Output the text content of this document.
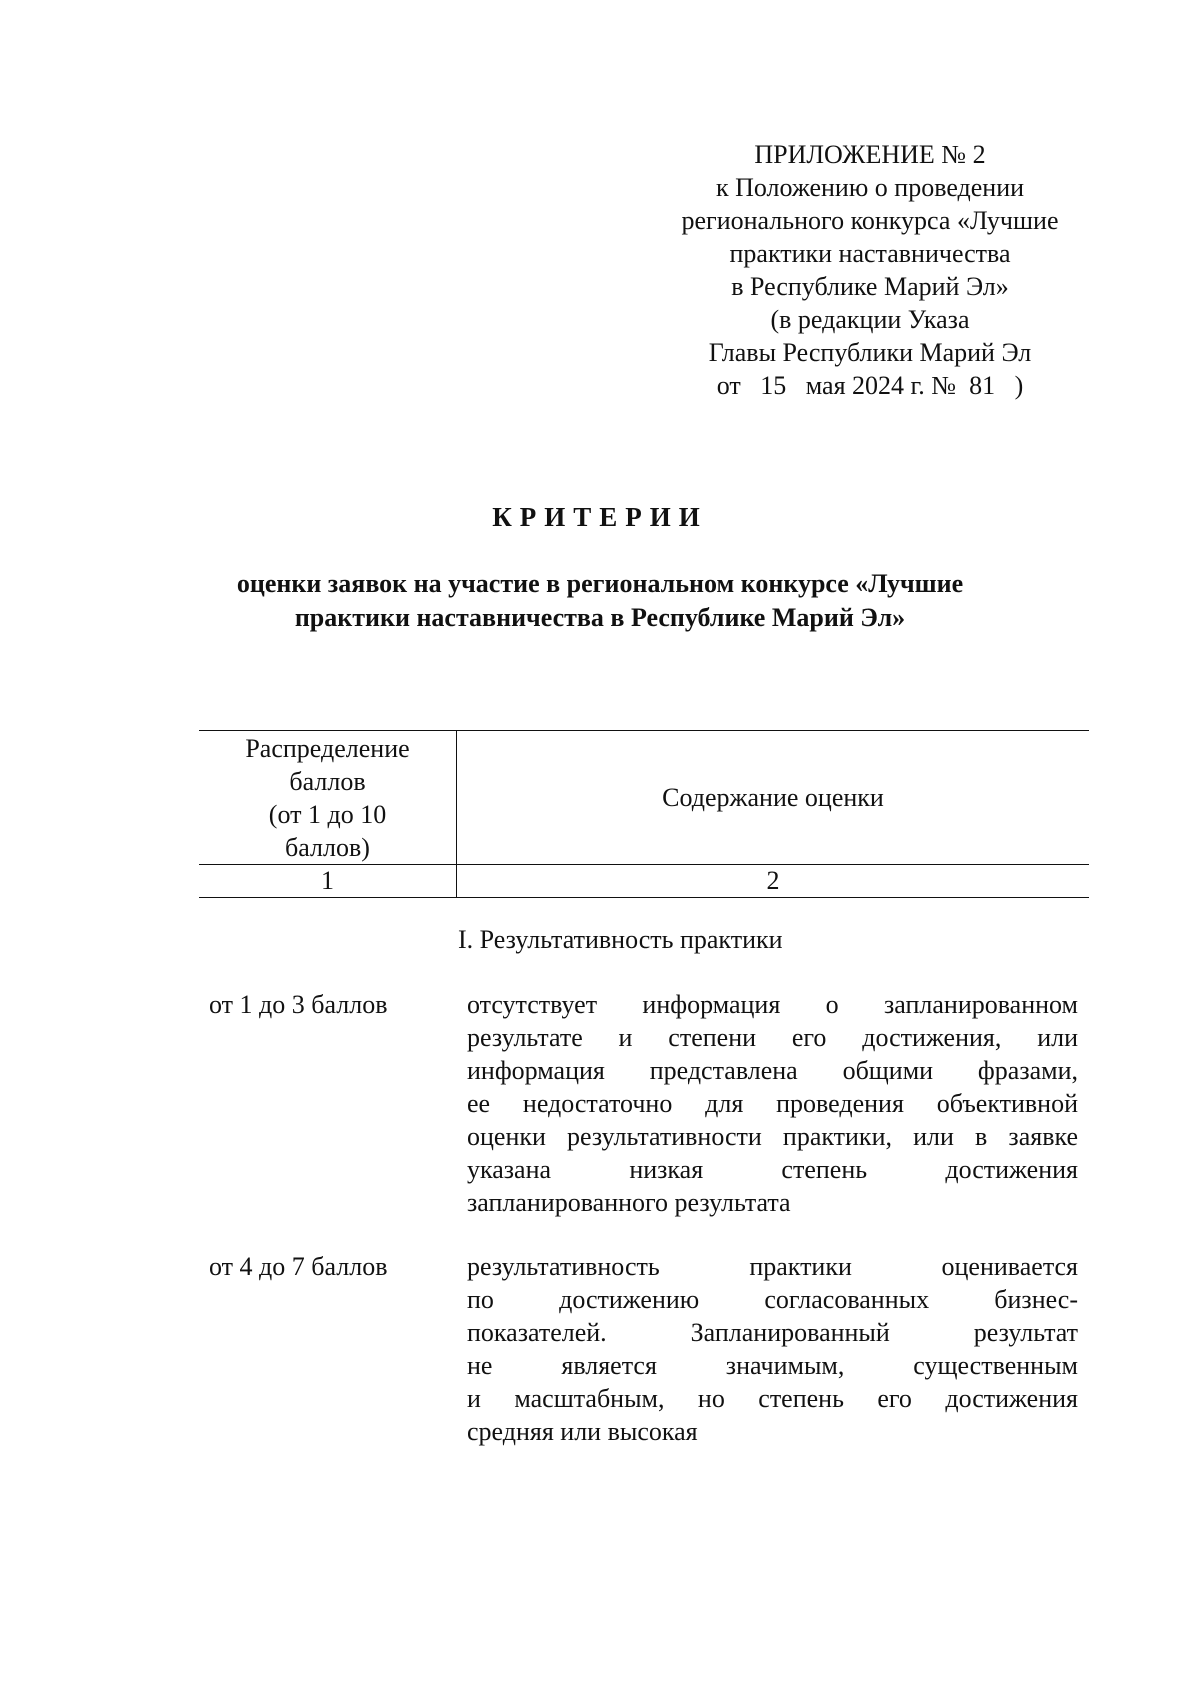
ПРИЛОЖЕНИЕ № 2
к Положению о проведении
регионального конкурса «Лучшие
практики наставничества
в Республике Марий Эл»
(в редакции Указа
Главы Республики Марий Эл
от   15   мая 2024 г. №  81   )
КРИТЕРИИ
оценки заявок на участие в региональном конкурсе «Лучшие
практики наставничества в Республике Марий Эл»
Распределение
баллов
(от 1 до 10
баллов)	Содержание оценки
1	2
I. Результативность практики
от 1 до 3 баллов	отсутствует информация о запланированном
результате и степени его достижения, или
информация представлена общими фразами,
ее недостаточно для проведения объективной
оценки результативности практики, или в заявке
указана низкая степень достижения
запланированного результата
от 4 до 7 баллов	результативность практики оценивается
по достижению согласованных бизнес-
показателей. Запланированный результат
не является значимым, существенным
и масштабным, но степень его достижения
средняя или высокая
